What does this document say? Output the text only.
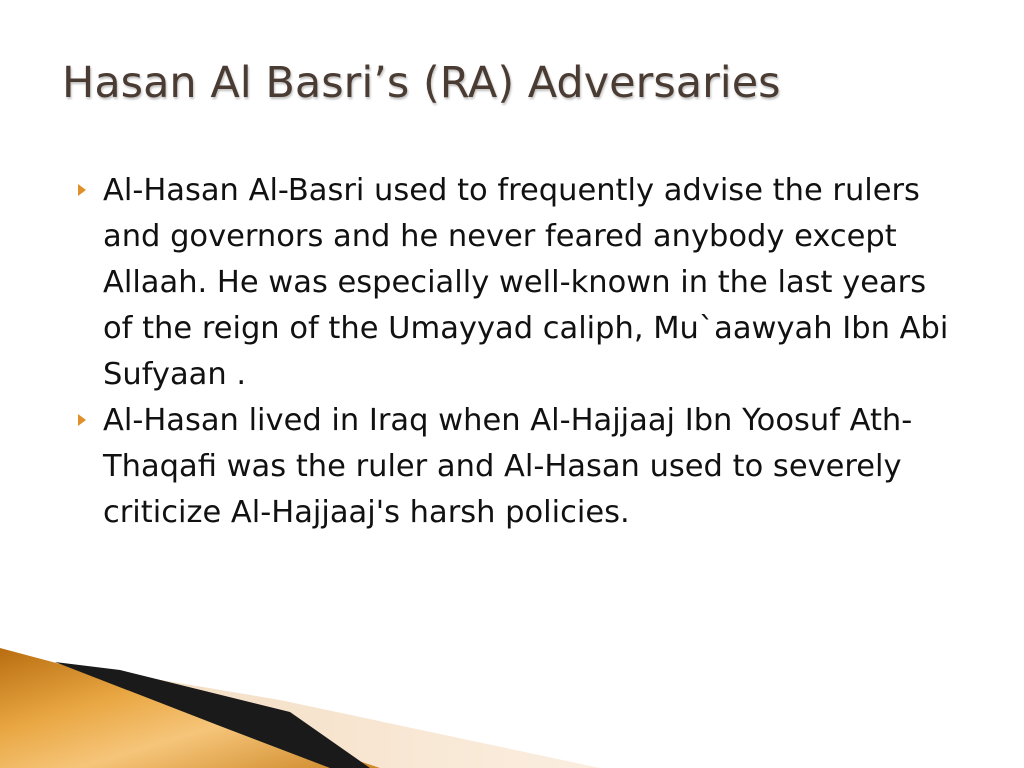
Hasan Al Basri’s (RA) Adversaries
Al-Hasan Al-Basri used to frequently advise the rulers and governors and he never feared anybody except Allaah. He was especially well-known in the last years of the reign of the Umayyad caliph, Mu`aawyah Ibn Abi Sufyaan .
Al-Hasan lived in Iraq when Al-Hajjaaj Ibn Yoosuf Ath-Thaqafi was the ruler and Al-Hasan used to severely criticize Al-Hajjaaj's harsh policies.
